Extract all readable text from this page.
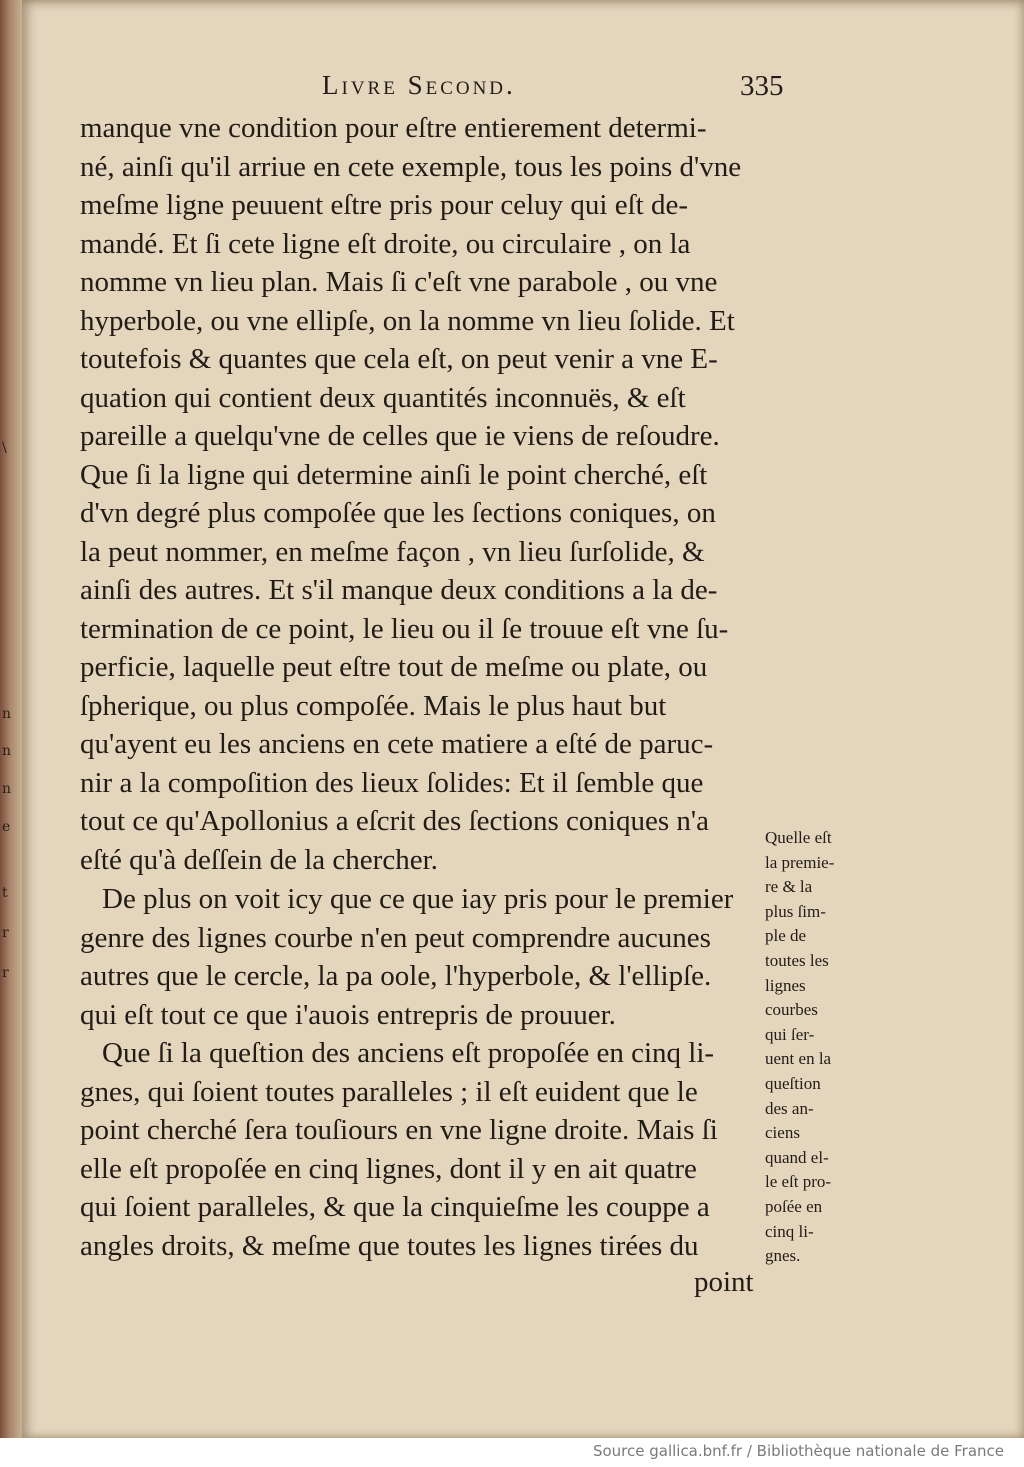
\
n
n
n
e
t
r
r
Livre Second.	335
manque vne condition pour eſtre entierement determi-
né, ainſi qu'il arriue en cete exemple, tous les poins d'vne
meſme ligne peuuent eſtre pris pour celuy qui eſt de-
mandé. Et ſi cete ligne eſt droite, ou circulaire , on la
nomme vn lieu plan. Mais ſi c'eſt vne parabole , ou vne
hyperbole, ou vne ellipſe, on la nomme vn lieu ſolide. Et
toutefois & quantes que cela eſt, on peut venir a vne E-
quation qui contient deux quantités inconnuës, & eſt
pareille a quelqu'vne de celles que ie viens de reſoudre.
Que ſi la ligne qui determine ainſi le point cherché, eſt
d'vn degré plus compoſée que les ſections coniques, on
la peut nommer, en meſme façon , vn lieu ſurſolide, &
ainſi des autres. Et s'il manque deux conditions a la de-
termination de ce point, le lieu ou il ſe trouue eſt vne ſu-
perficie, laquelle peut eſtre tout de meſme ou plate, ou
ſpherique, ou plus compoſée. Mais le plus haut but
qu'ayent eu les anciens en cete matiere a eſté de paruc-
nir a la compoſition des lieux ſolides: Et il ſemble que
tout ce qu'Apollonius a eſcrit des ſections coniques n'a
eſté qu'à deſſein de la chercher.
De plus on voit icy que ce que iay pris pour le premier
genre des lignes courbe n'en peut comprendre aucunes
autres que le cercle, la pa oole, l'hyperbole, & l'ellipſe.
qui eſt tout ce que i'auois entrepris de prouuer.
Que ſi la queſtion des anciens eſt propoſée en cinq li-
gnes, qui ſoient toutes paralleles ; il eſt euident que le
point cherché ſera touſiours en vne ligne droite. Mais ſi
elle eſt propoſée en cinq lignes, dont il y en ait quatre
qui ſoient paralleles, & que la cinquieſme les couppe a
angles droits, & meſme que toutes les lignes tirées du
point
Quelle eſt
la premie-
re & la
plus ſim-
ple de
toutes les
lignes
courbes
qui ſer-
uent en la
queſtion
des an-
ciens
quand el-
le eſt pro-
poſée en
cinq li-
gnes.
Source gallica.bnf.fr / Bibliothèque nationale de France
